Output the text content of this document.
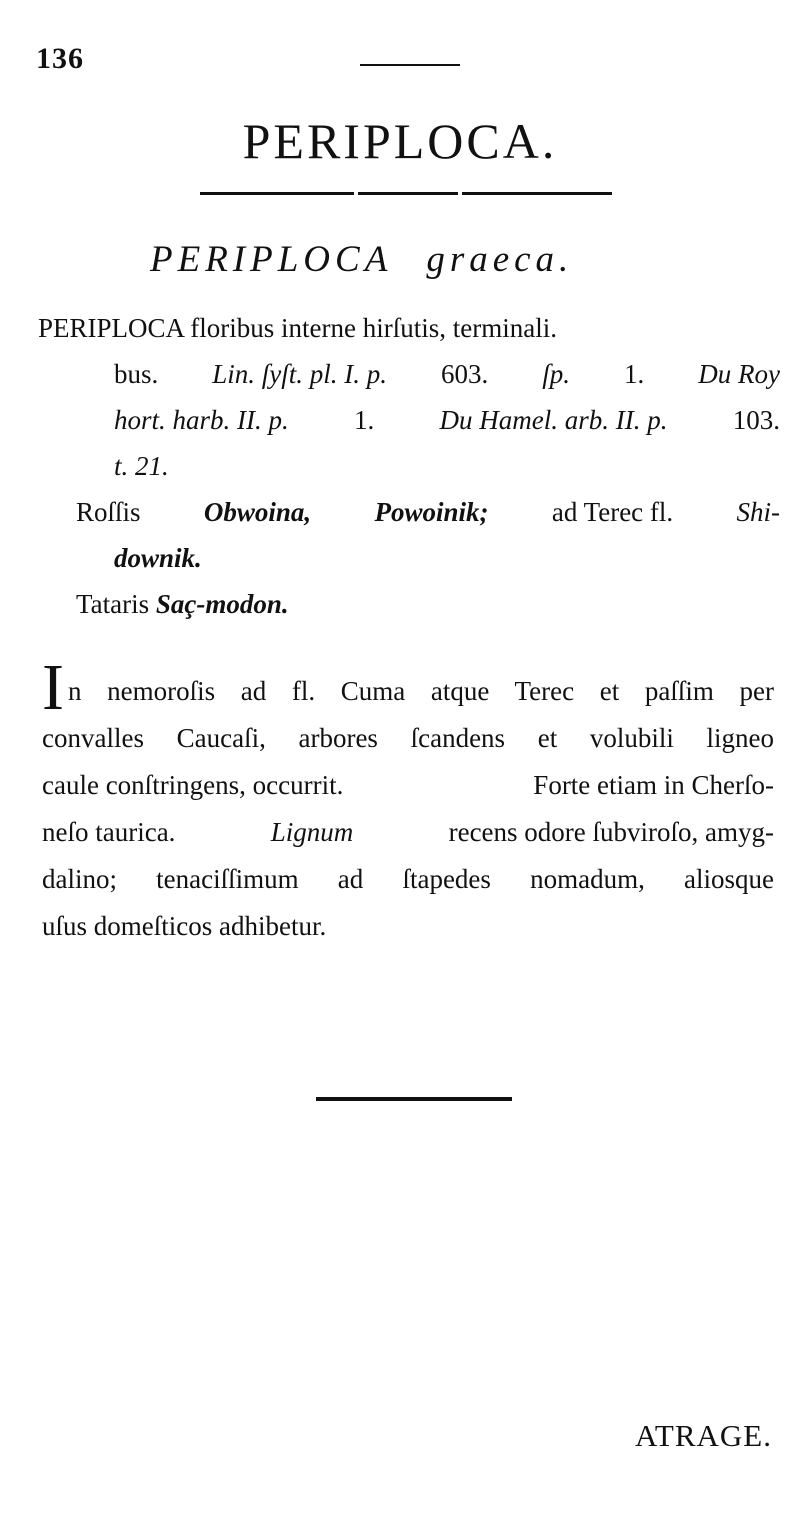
136
PERIPLOCA.
PERIPLOCA graeca.
PERIPLOCA floribus interne hirſutis, terminali.
bus. Lin. ſyſt. pl. I. p. 603. ſp. 1. Du Roy
hort. harb. II. p. 1. Du Hamel. arb. II. p. 103.
t. 21.
Roſſis Obwoina, Powoinik; ad Terec fl. Shi-
downik.
Tataris Saç-modon.
I n nemoroſis ad fl. Cuma atque Terec et paſſim per
convalles Caucaſi, arbores ſcandens et volubili ligneo
caule conſtringens, occurrit.	Forte etiam in Cherſo-
neſo taurica.	Lignum	recens odore ſubviroſo, amyg-
dalino; tenaciſſimum ad ſtapedes nomadum, aliosque
uſus domeſticos adhibetur.
ATRAGE.
